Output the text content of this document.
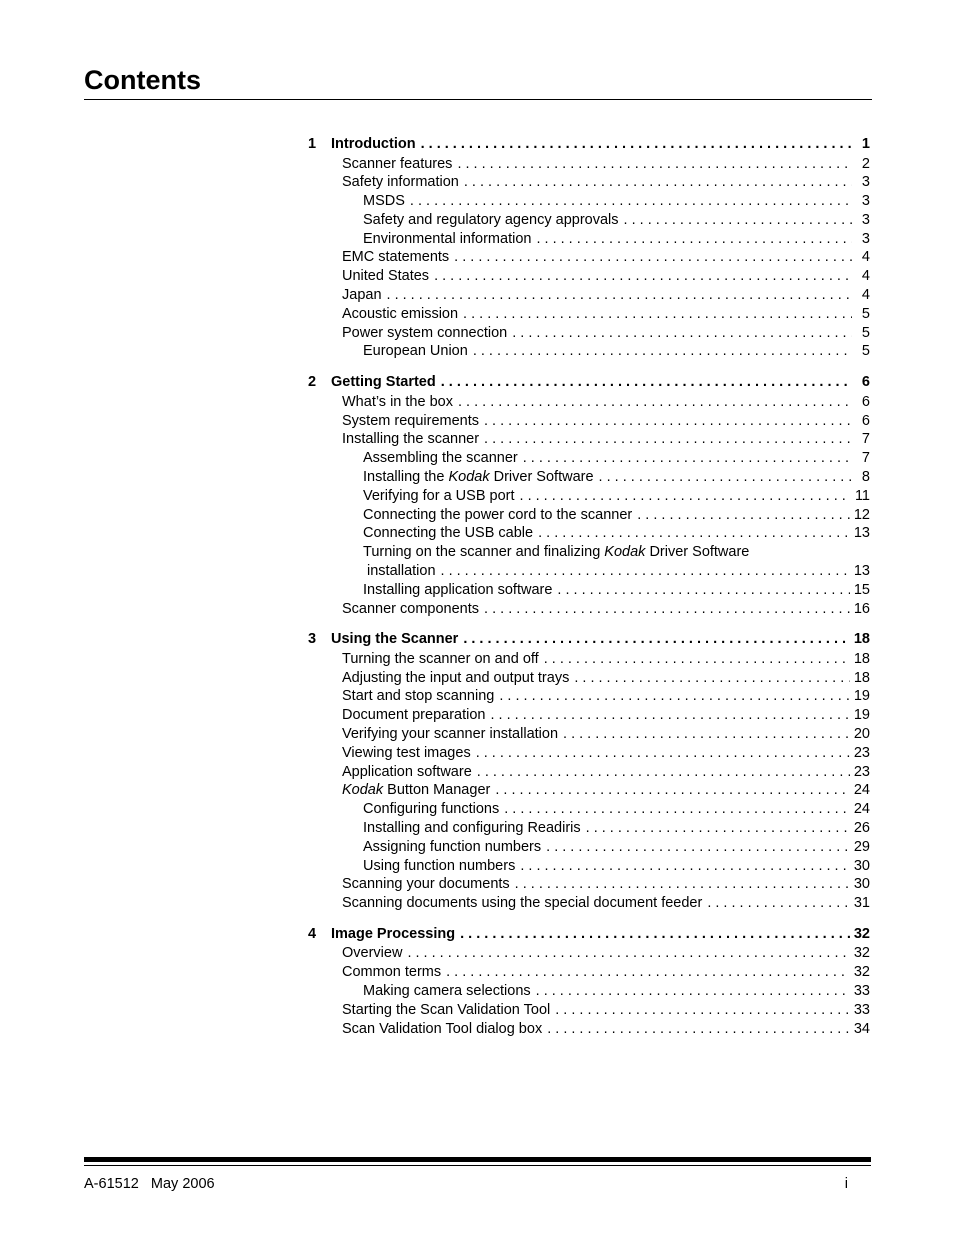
Contents
1	Introduction . . .	1
Scanner features . . .	2
Safety information . . .	3
MSDS . . .	3
Safety and regulatory agency approvals . . .	3
Environmental information . . .	3
EMC statements . . .	4
United States . . .	4
Japan . . .	4
Acoustic emission . . .	5
Power system connection . . .	5
European Union . . .	5
2	Getting Started . . .	6
What’s in the box . . .	6
System requirements . . .	6
Installing the scanner . . .	7
Assembling the scanner . . .	7
Installing the Kodak Driver Software . . .	8
Verifying for a USB port . . .	11
Connecting the power cord to the scanner . . .	12
Connecting the USB cable . . .	13
Turning on the scanner and finalizing Kodak Driver Software
installation . . .	13
Installing application software . . .	15
Scanner components . . .	16
3	Using the Scanner . . .	18
Turning the scanner on and off . . .	18
Adjusting the input and output trays . . .	18
Start and stop scanning . . .	19
Document preparation . . .	19
Verifying your scanner installation . . .	20
Viewing test images . . .	23
Application software . . .	23
Kodak Button Manager . . .	24
Configuring functions . . .	24
Installing and configuring Readiris . . .	26
Assigning function numbers . . .	29
Using function numbers . . .	30
Scanning your documents . . .	30
Scanning documents using the special document feeder . . .	31
4	Image Processing . . .	32
Overview . . .	32
Common terms . . .	32
Making camera selections . . .	33
Starting the Scan Validation Tool . . .	33
Scan Validation Tool dialog box . . .	34
A-61512   May 2006	i
